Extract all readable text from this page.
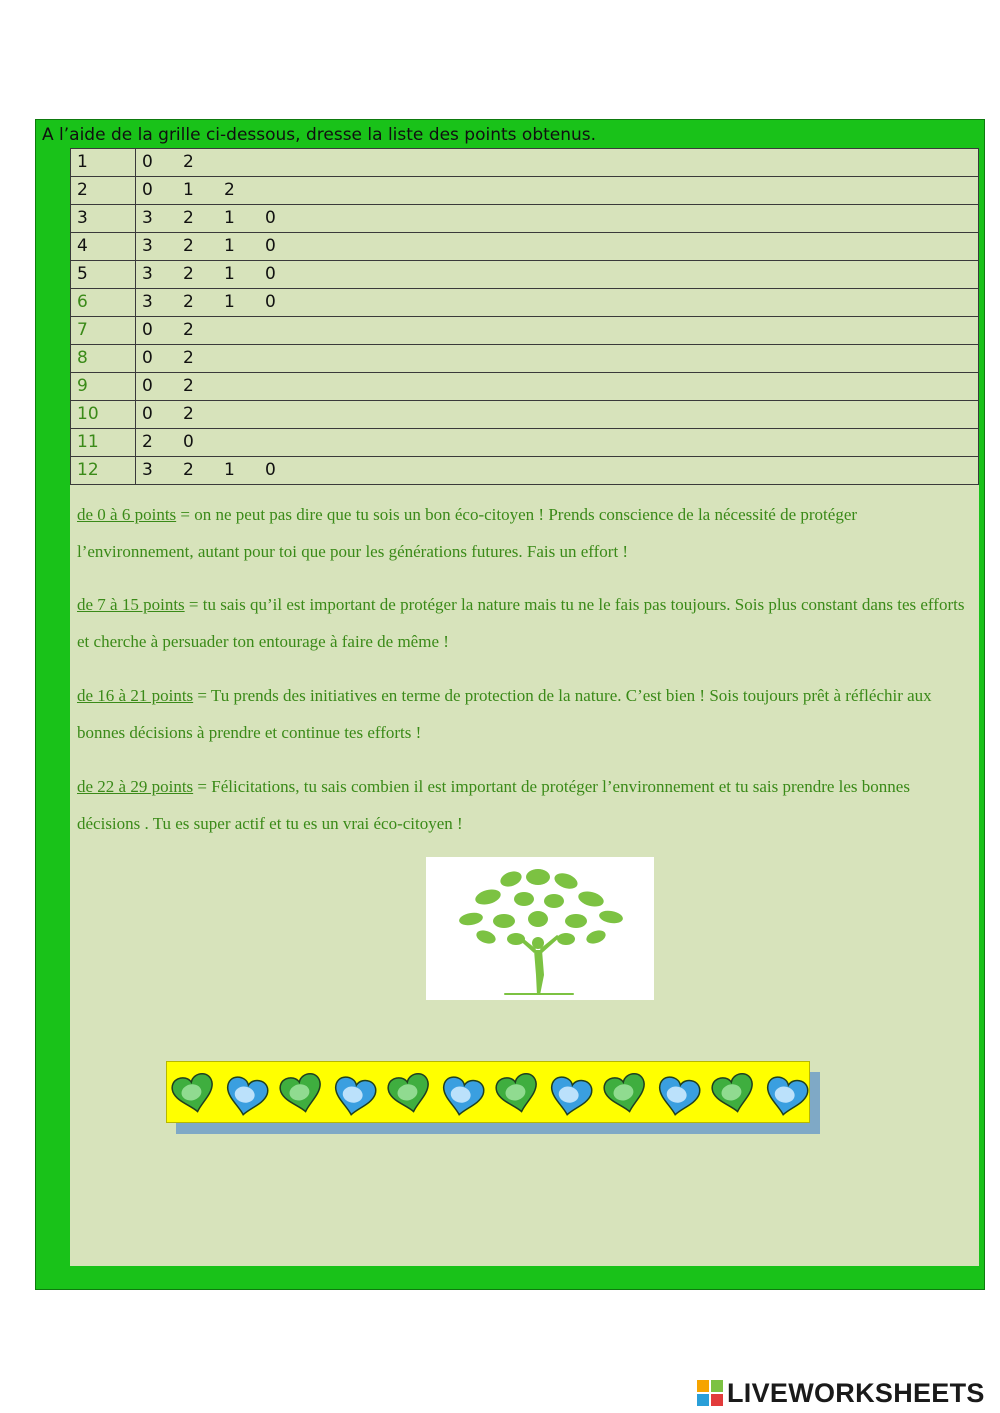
A l’aide de la grille ci-dessous, dresse la liste des points obtenus.
1	0 2
2	0 1 2
3	3 2 1 0
4	3 2 1 0
5	3 2 1 0
6	3 2 1 0
7	0 2
8	0 2
9	0 2
10	0 2
11	2 0
12	3 2 1 0

de 0 à 6 points = on ne peut pas dire que tu sois un bon éco-citoyen ! Prends conscience de la nécessité de protéger l’environnement, autant pour toi que pour les générations futures. Fais un effort !

de 7 à 15 points = tu sais qu’il est important de protéger la nature mais tu ne le fais pas toujours. Sois plus constant dans tes efforts et cherche à persuader ton entourage à faire de même !

de 16 à 21 points = Tu prends des initiatives en terme de protection de la nature. C’est bien ! Sois toujours prêt à réfléchir aux bonnes décisions à prendre et continue tes efforts !

de 22 à 29 points = Félicitations, tu sais combien il est important de protéger l’environnement et tu sais prendre les bonnes décisions . Tu es super actif et tu es un vrai éco-citoyen !

LIVEWORKSHEETS
